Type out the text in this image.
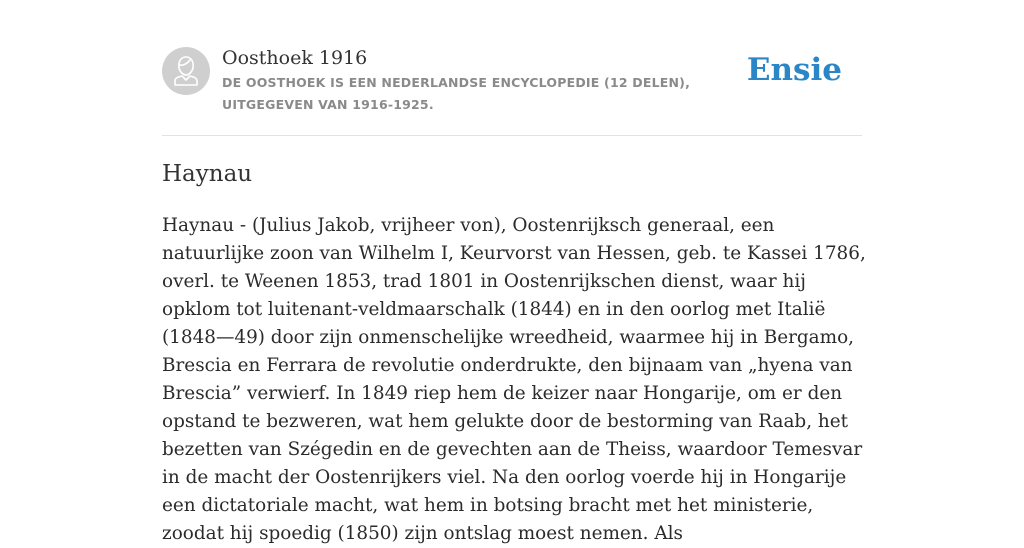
Oosthoek 1916
DE OOSTHOEK IS EEN NEDERLANDSE ENCYCLOPEDIE (12 DELEN), UITGEGEVEN VAN 1916-1925.
Ensie
Haynau

Haynau - (Julius Jakob, vrijheer von), Oostenrijksch generaal, een natuurlijke zoon van Wilhelm I, Keurvorst van Hessen, geb. te Kassei 1786, overl. te Weenen 1853, trad 1801 in Oostenrijkschen dienst, waar hij opklom tot luitenant-veldmaarschalk (1844) en in den oorlog met Italië (1848—49) door zijn onmenschelijke wreedheid, waarmee hij in Bergamo, Brescia en Ferrara de revolutie onderdrukte, den bijnaam van „hyena van Brescia” verwierf. In 1849 riep hem de keizer naar Hongarije, om er den opstand te bezweren, wat hem gelukte door de bestorming van Raab, het bezetten van Szégedin en de gevechten aan de Theiss, waardoor Temesvar in de macht der Oostenrijkers viel. Na den oorlog voerde hij in Hongarije een dictatoriale macht, wat hem in botsing bracht met het ministerie, zoodat hij spoedig (1850) zijn ontslag moest nemen. Als
